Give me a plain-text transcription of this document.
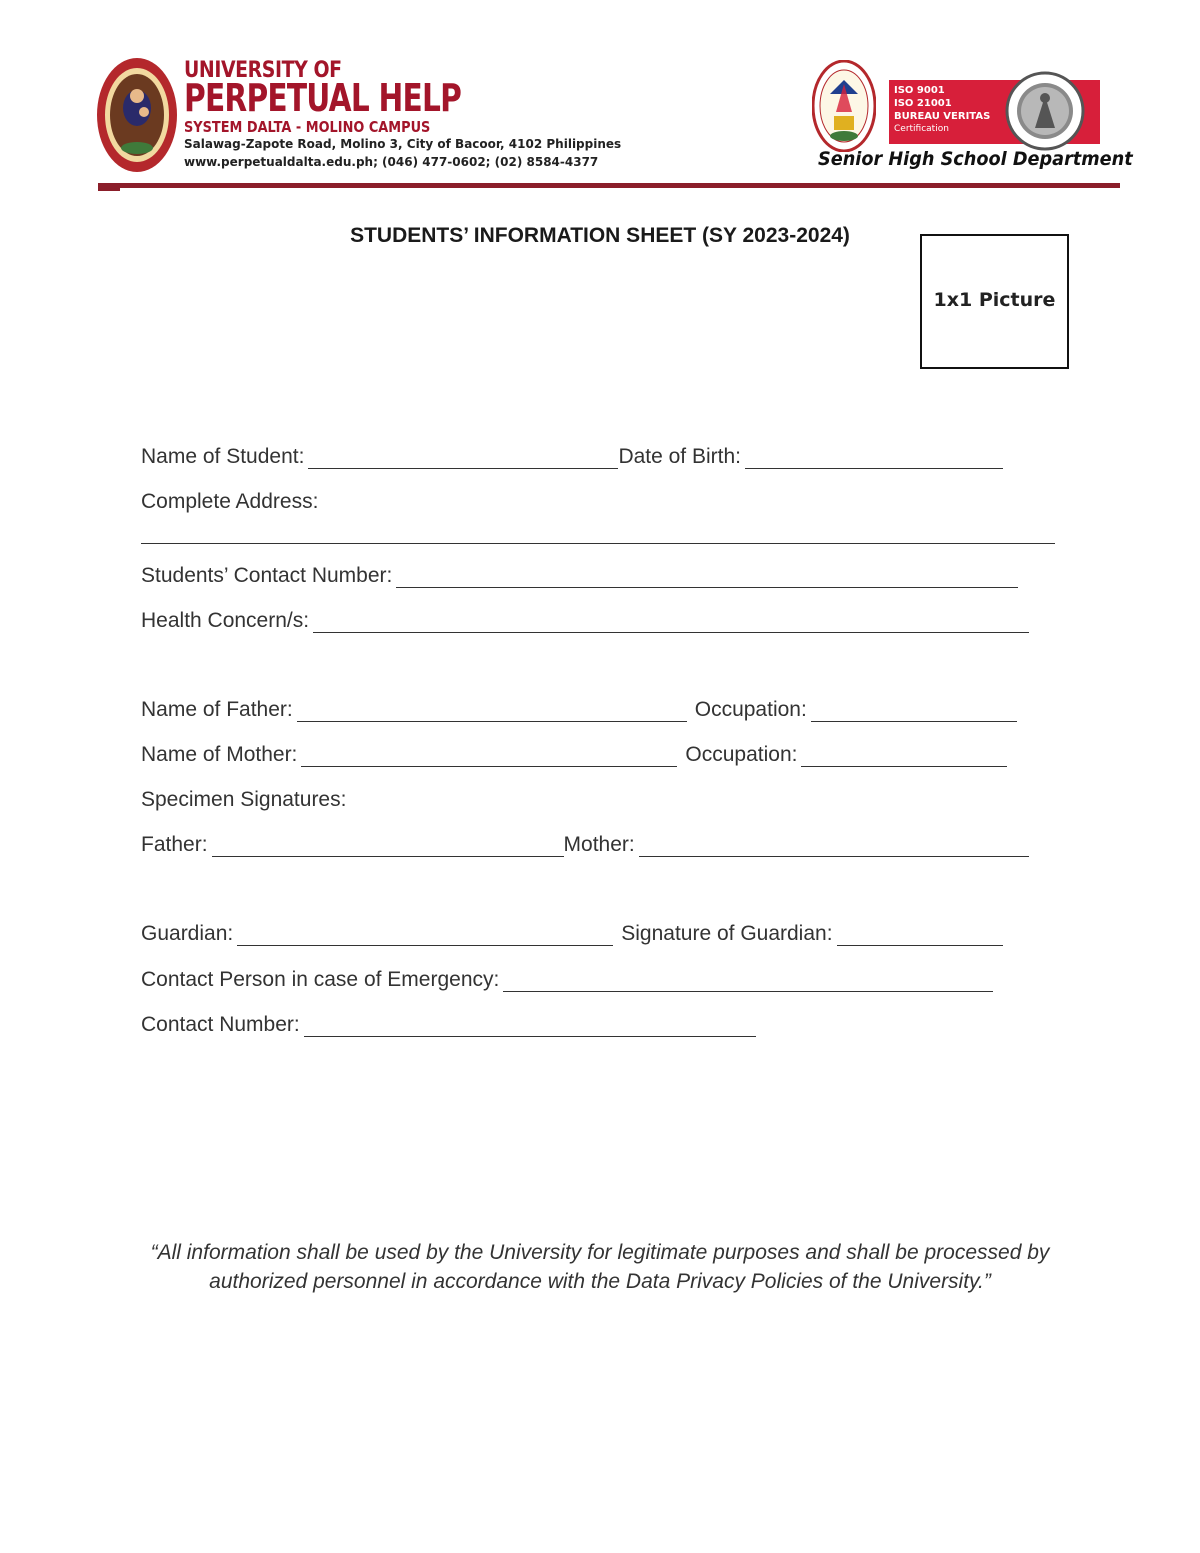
UNIVERSITY OF
PERPETUAL HELP
SYSTEM DALTA - MOLINO CAMPUS
Salawag-Zapote Road, Molino 3, City of Bacoor, 4102 Philippines
www.perpetualdalta.edu.ph; (046) 477-0602; (02) 8584-4377
ISO 9001
ISO 21001
BUREAU VERITAS
Certification
Senior High School Department
STUDENTS’ INFORMATION SHEET (SY 2023-2024)
1x1 Picture
Name of Student:	Date of Birth:
Complete Address:
Students’ Contact Number:
Health Concern/s:
Name of Father:	Occupation:
Name of Mother:	Occupation:
Specimen Signatures:
Father:	Mother:
Guardian:	Signature of Guardian:
Contact Person in case of Emergency:
Contact Number:
“All information shall be used by the University for legitimate purposes and shall be processed by authorized personnel in accordance with the Data Privacy Policies of the University.”
